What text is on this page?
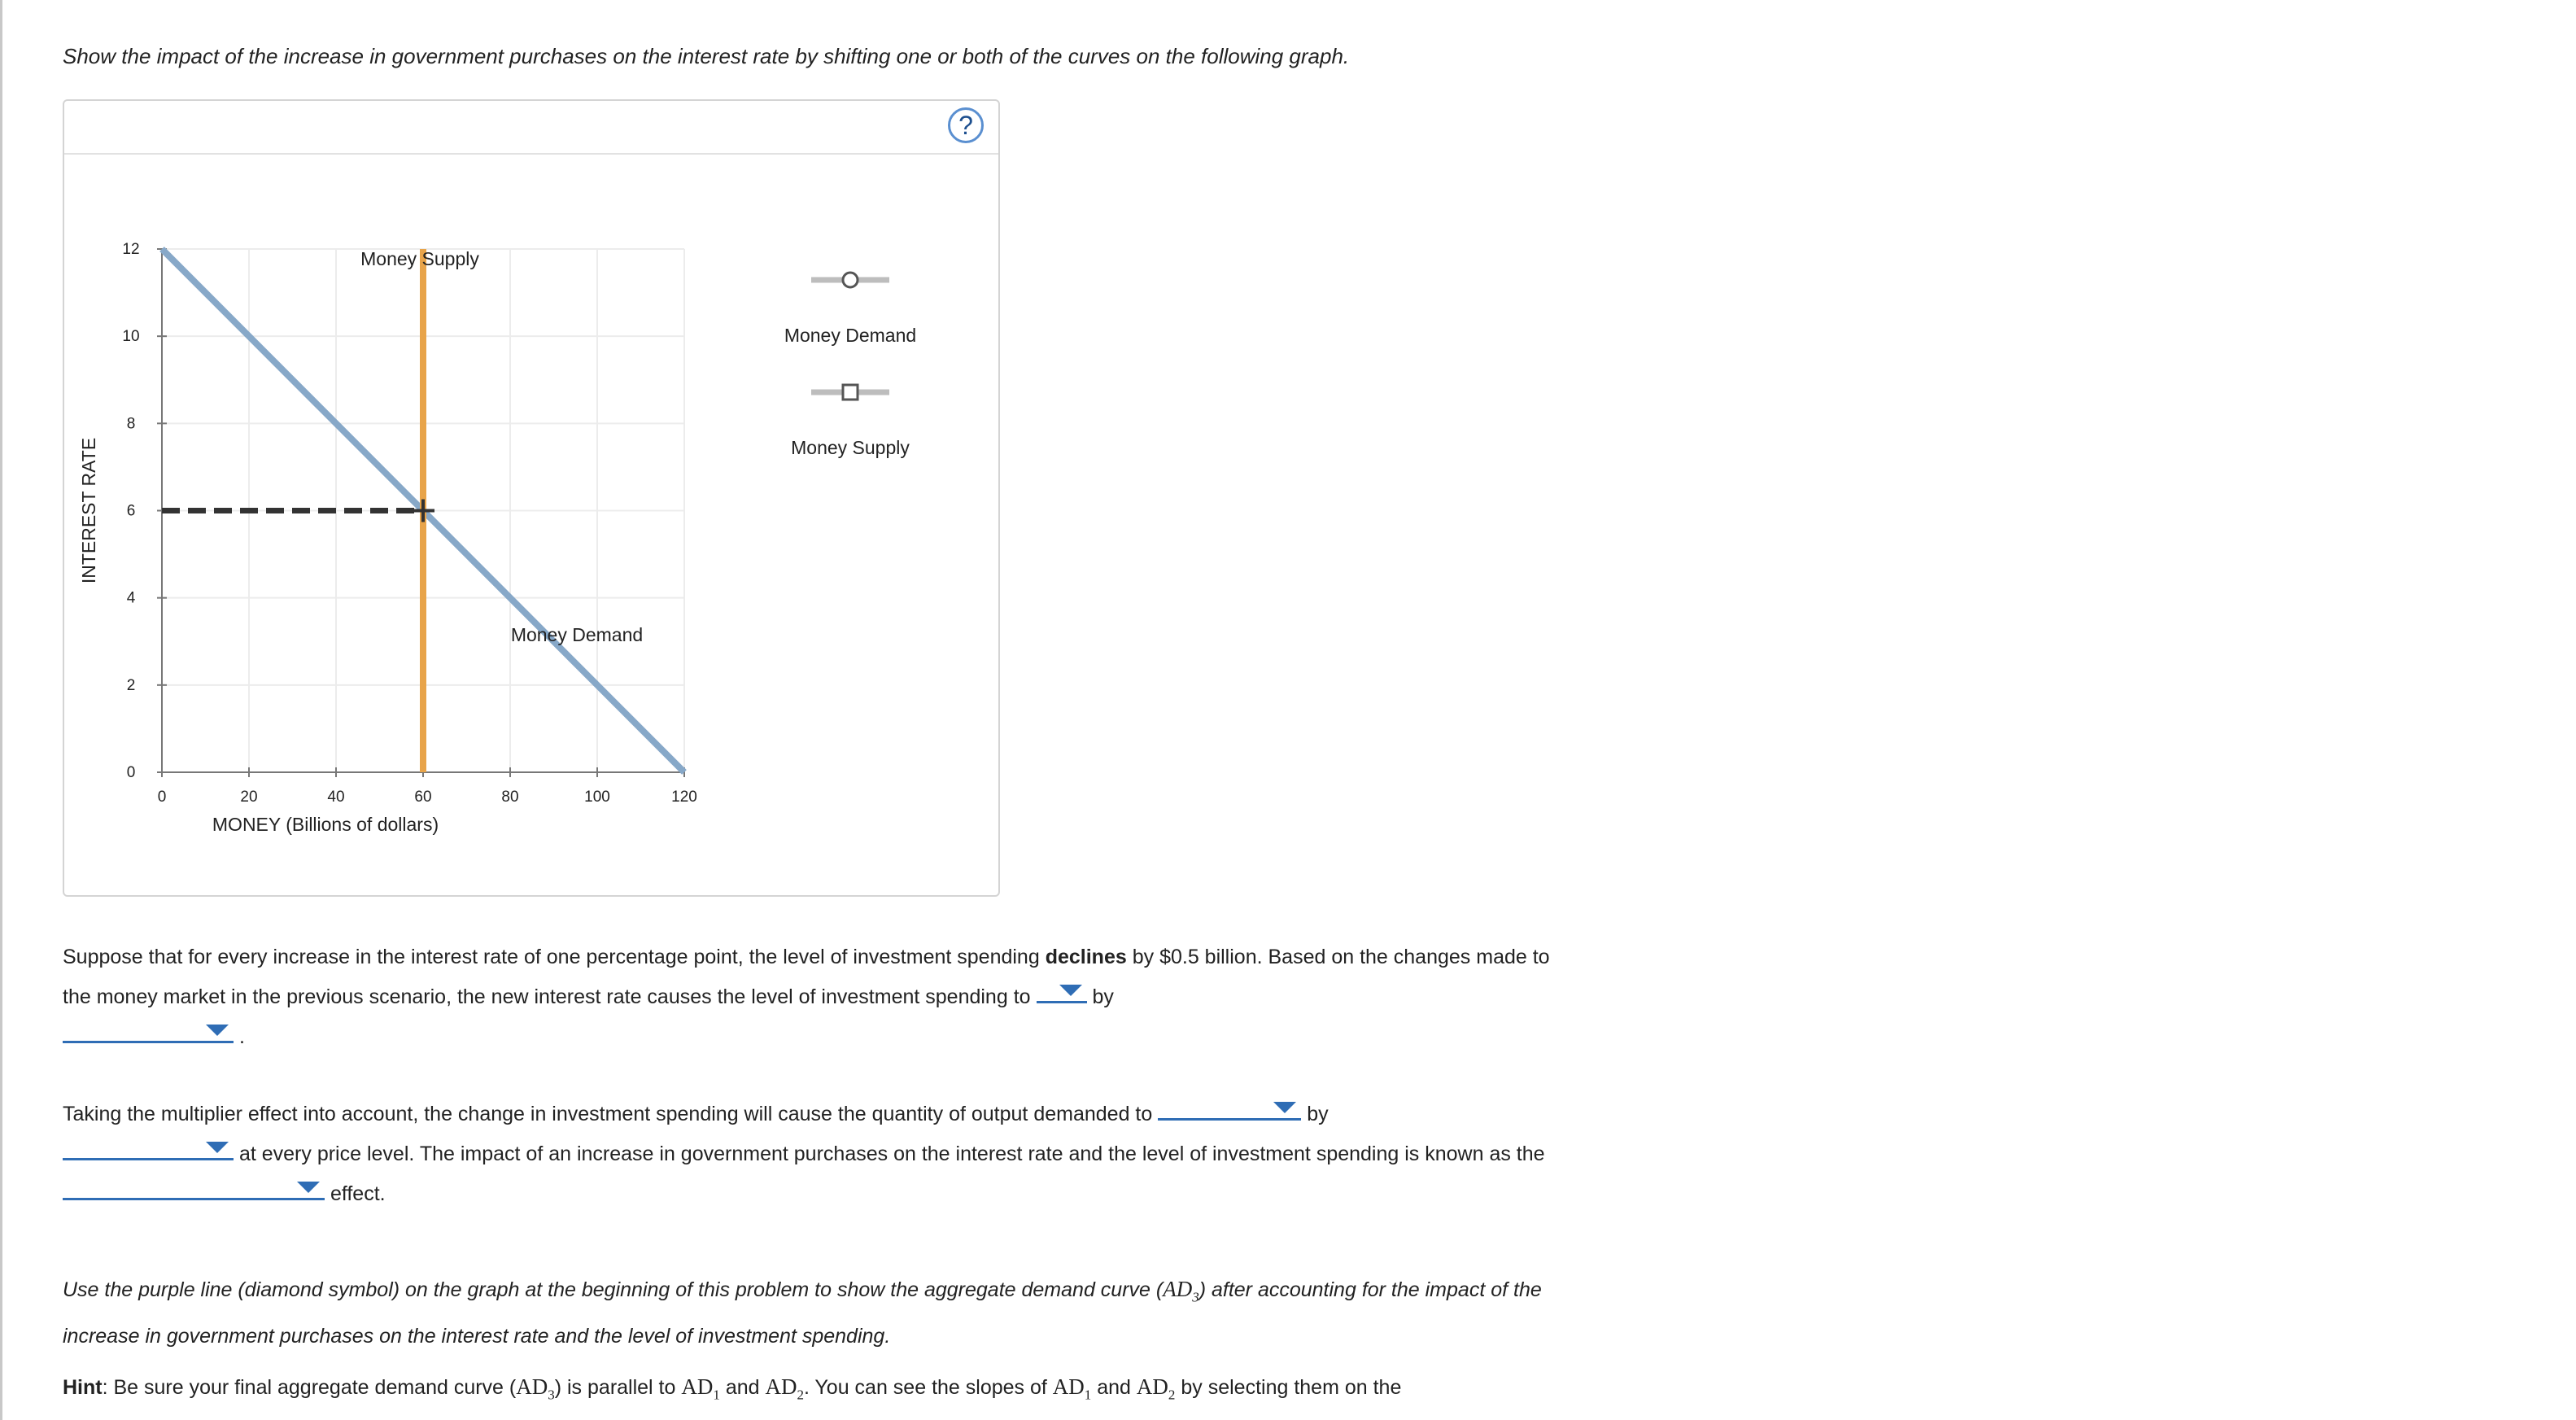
Show the impact of the increase in government purchases on the interest rate by shifting one or both of the curves on the following graph.

?
0	20	40	60	80	100	120
0
2
4
6
8
10
12
MONEY (Billions of dollars)
INTEREST RATE
Money Supply
Money Demand
Money Demand
Money Supply

Suppose that for every increase in the interest rate of one percentage point, the level of investment spending declines by $0.5 billion. Based on the changes made to the money market in the previous scenario, the new interest rate causes the level of investment spending to	by

.

Taking the multiplier effect into account, the change in investment spending will cause the quantity of output demanded to	by

at every price level. The impact of an increase in government purchases on the interest rate and the level of investment spending is known as the
effect.

Use the purple line (diamond symbol) on the graph at the beginning of this problem to show the aggregate demand curve $(AD_3)$ after accounting for the impact of the increase in government purchases on the interest rate and the level of investment spending.

Hint: Be sure your final aggregate demand curve $(AD_3)$ is parallel to $AD_1$ and $AD_2$. You can see the slopes of $AD_1$ and $AD_2$ by selecting them on the
